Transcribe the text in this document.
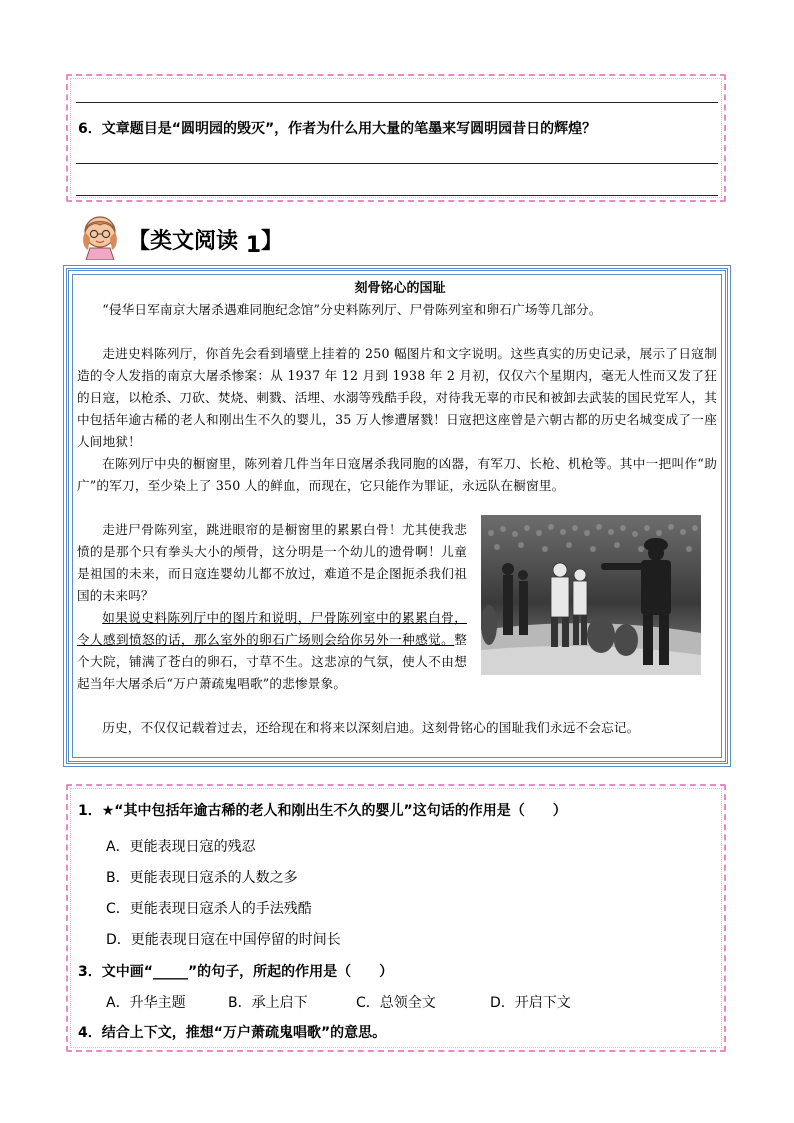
6．文章题目是“圆明园的毁灭”，作者为什么用大量的笔墨来写圆明园昔日的辉煌？
【类文阅读 1】
刻骨铭心的国耻
“侵华日军南京大屠杀遇难同胞纪念馆”分史料陈列厅、尸骨陈列室和卵石广场等几部分。
走进史料陈列厅，你首先会看到墙壁上挂着的 250 幅图片和文字说明。这些真实的历史记录，展示了日寇制造的令人发指的南京大屠杀惨案：从 1937 年 12 月到 1938 年 2 月初，仅仅六个星期内，毫无人性而又发了狂的日寇，以枪杀、刀砍、焚烧、刺戮、活埋、水溺等残酷手段，对待我无辜的市民和被卸去武装的国民党军人，其中包括年逾古稀的老人和刚出生不久的婴儿，35 万人惨遭屠戮！日寇把这座曾是六朝古都的历史名城变成了一座人间地狱！
在陈列厅中央的橱窗里，陈列着几件当年日寇屠杀我同胞的凶器，有军刀、长枪、机枪等。其中一把叫作“助广”的军刀，至少染上了 350 人的鲜血，而现在，它只能作为罪证，永远队在橱窗里。
走进尸骨陈列室，跳进眼帘的是橱窗里的累累白骨！尤其使我悲愤的是那个只有拳头大小的颅骨，这分明是一个幼儿的遗骨啊！儿童是祖国的未来，而日寇连婴幼儿都不放过，难道不是企图扼杀我们祖国的未来吗？
如果说史料陈列厅中的图片和说明，尸骨陈列室中的累累白骨，令人感到愤怒的话，那么室外的卵石广场则会给你另外一种感觉。整个大院，铺满了苍白的卵石，寸草不生。这悲凉的气氛，使人不由想起当年大屠杀后“万户萧疏鬼唱歌”的悲惨景象。
历史，不仅仅记载着过去，还给现在和将来以深刻启迪。这刻骨铭心的国耻我们永远不会忘记。
1．★“其中包括年逾古稀的老人和刚出生不久的婴儿”这句话的作用是（　　）
A．更能表现日寇的残忍
B．更能表现日寇杀的人数之多
C．更能表现日寇杀人的手法残酷
D．更能表现日寇在中国停留的时间长
3．文中画“_____”的句子，所起的作用是（　　）
A．升华主题	B．承上启下	C．总领全文	D．开启下文
4．结合上下文，推想“万户萧疏鬼唱歌”的意思。
